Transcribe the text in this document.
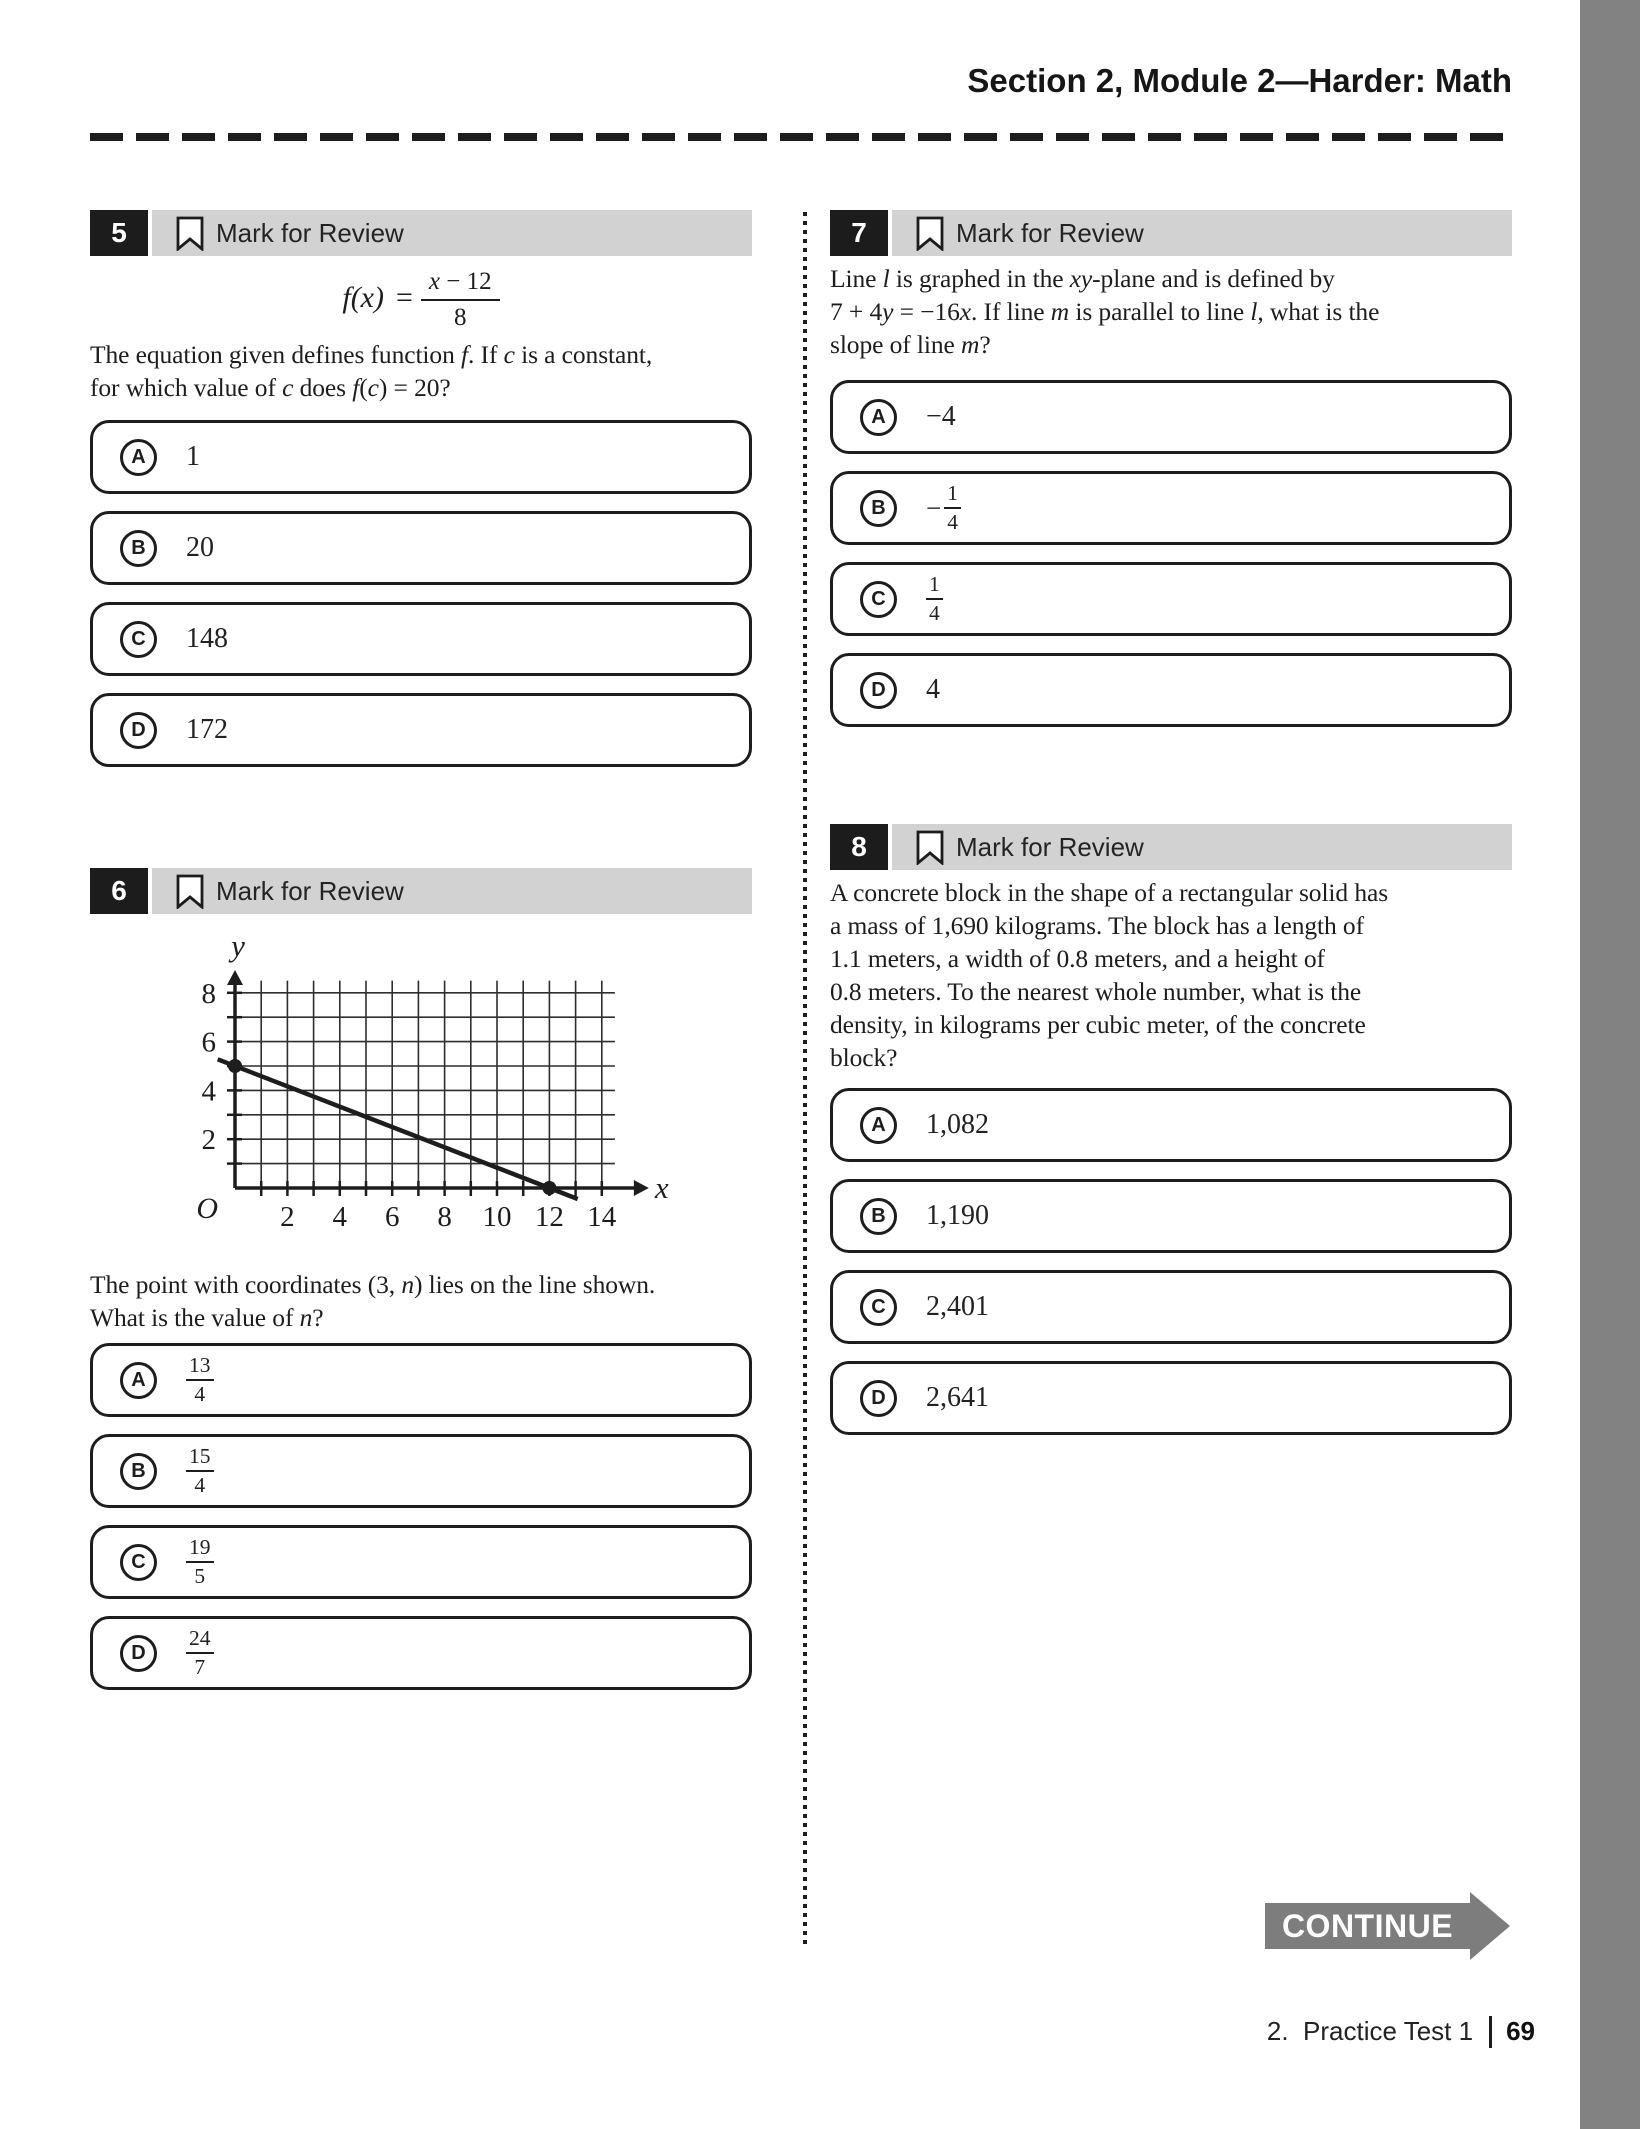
Section 2, Module 2—Harder: Math
5	Mark for Review
$f(x) = \frac{x - 12}{8}$
The equation given defines function f. If c is a constant,
for which value of c does f(c) = 20?
A	1
B	20
C	148
D	172
6	Mark for Review
2 4 6 8 10 12 14
2
4
6
8
O
x
y
The point with coordinates (3, n) lies on the line shown.
What is the value of n?
A	$\frac{13}{4}$
B	$\frac{15}{4}$
C	$\frac{19}{5}$
D	$\frac{24}{7}$
7	Mark for Review
Line l is graphed in the xy-plane and is defined by
7 + 4y = −16x. If line m is parallel to line l, what is the
slope of line m?
A	−4
B	− $\frac{1}{4}$
C	$\frac{1}{4}$
D	4
8	Mark for Review
A concrete block in the shape of a rectangular solid has
a mass of 1,690 kilograms. The block has a length of
1.1 meters, a width of 0.8 meters, and a height of
0.8 meters. To the nearest whole number, what is the
density, in kilograms per cubic meter, of the concrete
block?
A	1,082
B	1,190
C	2,401
D	2,641
CONTINUE
2.  Practice Test 1 69
